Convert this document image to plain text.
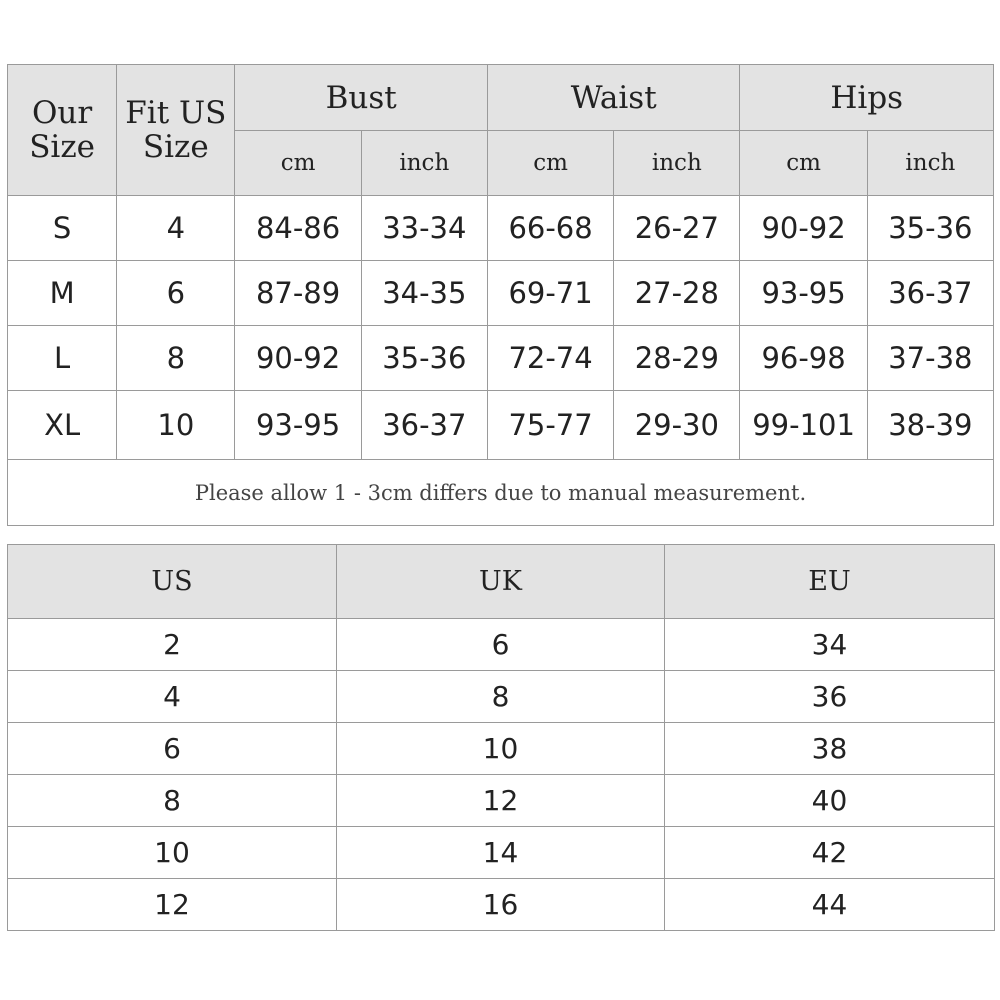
Our Size	Fit US Size	Bust		Waist		Hips	
		cm	inch	cm	inch	cm	inch
S	4	84-86	33-34	66-68	26-27	90-92	35-36
M	6	87-89	34-35	69-71	27-28	93-95	36-37
L	8	90-92	35-36	72-74	28-29	96-98	37-38
XL	10	93-95	36-37	75-77	29-30	99-101	38-39
Please allow 1 - 3cm differs due to manual measurement.							
US	UK	EU
2	6	34
4	8	36
6	10	38
8	12	40
10	14	42
12	16	44
